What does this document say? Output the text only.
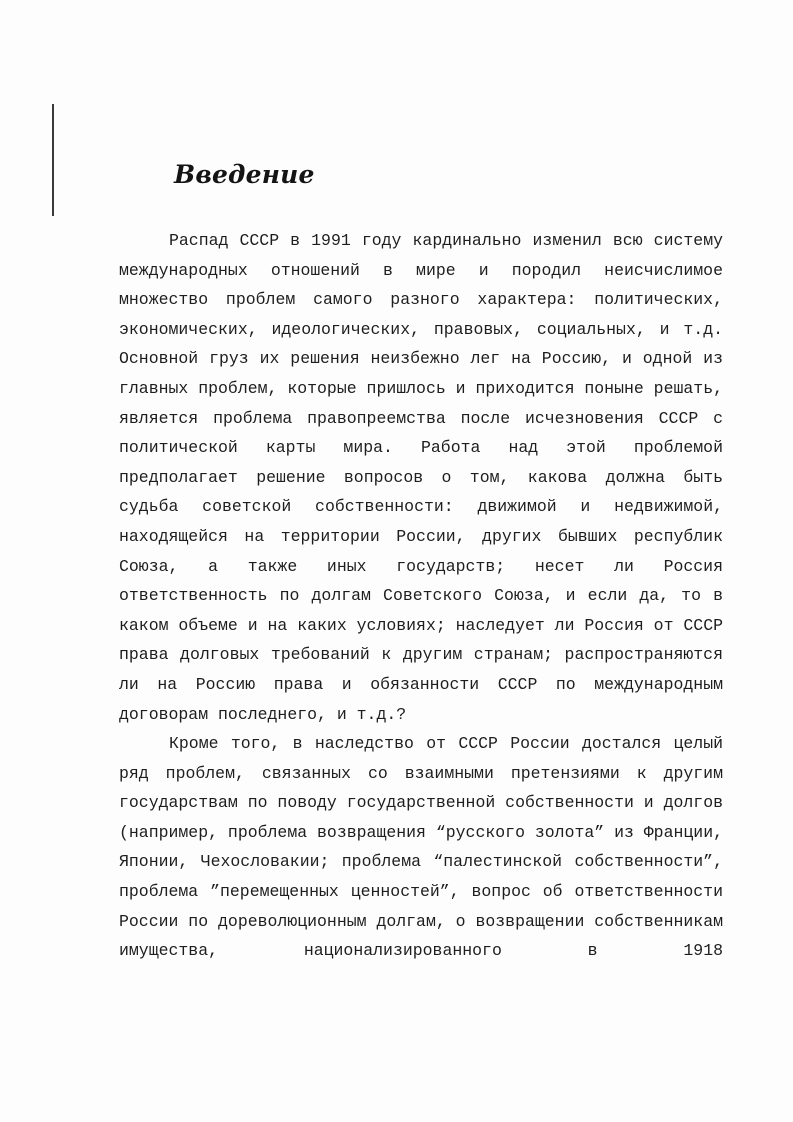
Введение

Распад СССР в 1991 году кардинально изменил всю систему международных отношений в мире и породил неисчислимое множество проблем самого разного характера: политических, экономических, идеологических, правовых, социальных, и т.д. Основной груз их решения неизбежно лег на Россию, и одной из главных проблем, которые пришлось и приходится поныне решать, является проблема правопреемства после исчезновения СССР с политической карты мира. Работа над этой проблемой предполагает решение вопросов о том, какова должна быть судьба советской собственности: движимой и недвижимой, находящейся на территории России, других бывших республик Союза, а также иных государств; несет ли Россия ответственность по долгам Советского Союза, и если да, то в каком объеме и на каких условиях; наследует ли Россия от СССР права долговых требований к другим странам; распространяются ли на Россию права и обязанности СССР по международным договорам последнего, и т.д.?

Кроме того, в наследство от СССР России достался целый ряд проблем, связанных со взаимными претензиями к другим государствам по поводу государственной собственности и долгов (например, проблема возвращения “русского золота” из Франции, Японии, Чехословакии; проблема “палестинской собственности”, проблема ”перемещенных ценностей”, вопрос об ответственности России по дореволюционным долгам, о возвращении собственникам имущества, национализированного в 1918
